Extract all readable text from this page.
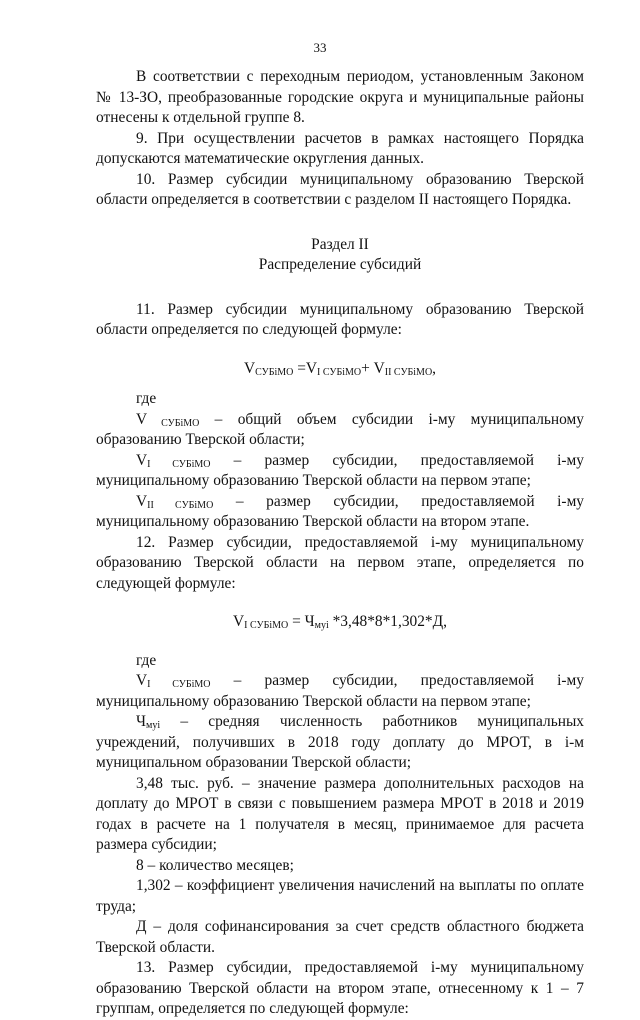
33

В соответствии с переходным периодом, установленным Законом № 13-ЗО, преобразованные городские округа и муниципальные районы отнесены к отдельной группе 8.

9. При осуществлении расчетов в рамках настоящего Порядка допускаются математические округления данных.

10. Размер субсидии муниципальному образованию Тверской области определяется в соответствии с разделом II настоящего Порядка.

Раздел II

Распределение субсидий

11. Размер субсидии муниципальному образованию Тверской области определяется по следующей формуле:

$V_{СУБiМО} =V_{I СУБiМО}+ V_{II СУБiМО}$,

где

V $_{СУБiМО}$ – общий объем субсидии i-му муниципальному образованию Тверской области;

$V_{I СУБiМО}$ – размер субсидии, предоставляемой i-му муниципальному образованию Тверской области на первом этапе;

$V_{II СУБiМО}$ – размер субсидии, предоставляемой i-му муниципальному образованию Тверской области на втором этапе.

12. Размер субсидии, предоставляемой i-му муниципальному образованию Тверской области на первом этапе, определяется по следующей формуле:

$V_{I СУБiМО} = Ч_{муi}$ *3,48*8*1,302*Д,

где

$V_{I СУБiМО}$ – размер субсидии, предоставляемой i-му муниципальному образованию Тверской области на первом этапе;

$Ч_{муi}$ – средняя численность работников муниципальных учреждений, получивших в 2018 году доплату до МРОТ, в i-м муниципальном образовании Тверской области;

3,48 тыс. руб. – значение размера дополнительных расходов на доплату до МРОТ в связи с повышением размера МРОТ в 2018 и 2019 годах в расчете на 1 получателя в месяц, принимаемое для расчета размера субсидии;

8 – количество месяцев;

1,302 – коэффициент увеличения начислений на выплаты по оплате труда;

Д – доля софинансирования за счет средств областного бюджета Тверской области.

13. Размер субсидии, предоставляемой i-му муниципальному образованию Тверской области на втором этапе, отнесенному к 1 – 7 группам, определяется по следующей формуле:
